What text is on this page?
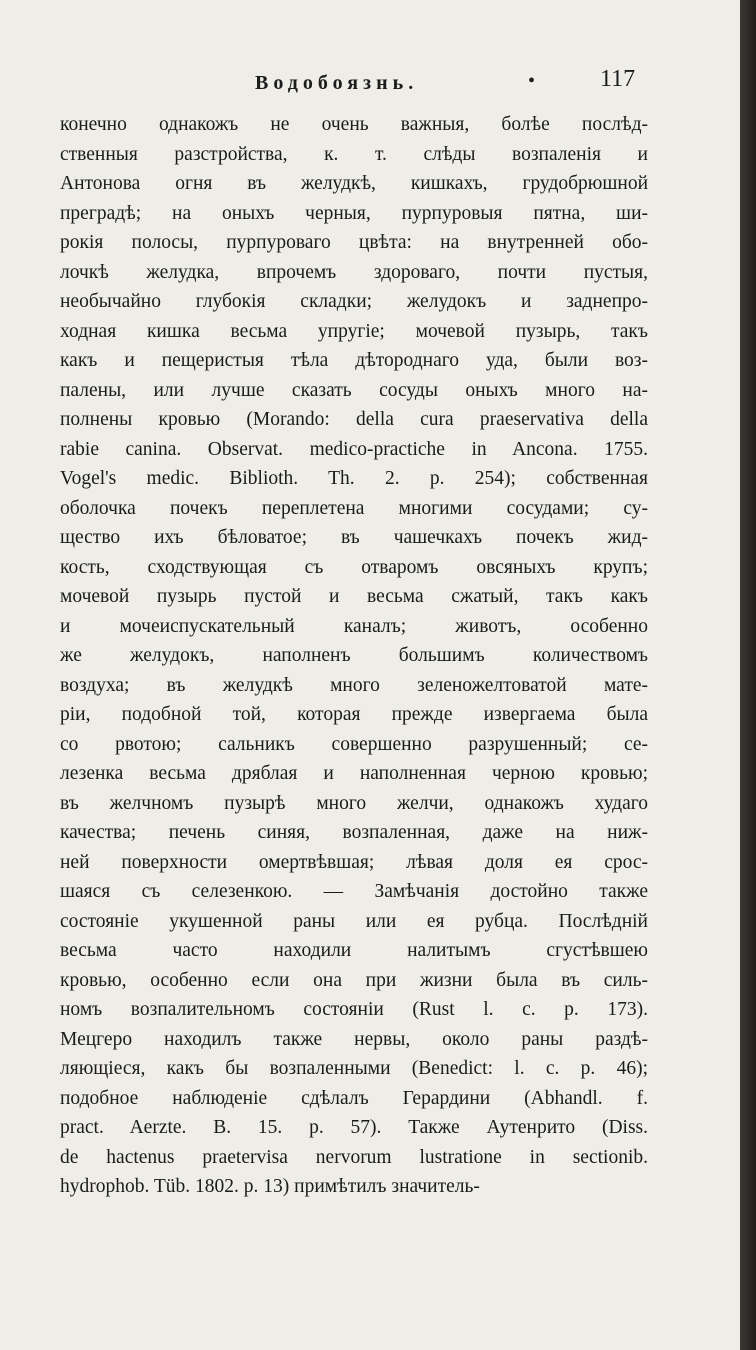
Водобоязнь.	•	117
конечно однакожъ не очень важныя, болѣе послѣд-
ственныя разстройства, к. т. слѣды возпаленія и
Антонова огня въ желудкѣ, кишкахъ, грудобрюшной
преградѣ; на оныхъ черныя, пурпуровыя пятна, ши-
рокія полосы, пурпуроваго цвѣта: на внутренней обо-
лочкѣ желудка, впрочемъ здороваго, почти пустыя,
необычайно глубокія складки; желудокъ и заднепро-
ходная кишка весьма упругіе; мочевой пузырь, такъ
какъ и пещеристыя тѣла дѣтороднаго уда, были воз-
палены, или лучше сказать сосуды оныхъ много на-
полнены кровью (Morando: della cura praeservativa della
rabie canina. Observat. medico-practiche in Ancona. 1755.
Vogel's medic. Biblioth. Th. 2. p. 254); собственная
оболочка почекъ переплетена многими сосудами; су-
щество ихъ бѣловатое; въ чашечкахъ почекъ жид-
кость, сходствующая съ отваромъ овсяныхъ крупъ;
мочевой пузырь пустой и весьма сжатый, такъ какъ
и мочеиспускательный каналъ; животъ, особенно
же желудокъ, наполненъ большимъ количествомъ
воздуха; въ желудкѣ много зеленожелтоватой мате-
ріи, подобной той, которая прежде извергаема была
со рвотою; сальникъ совершенно разрушенный; се-
лезенка весьма дряблая и наполненная черною кровью;
въ желчномъ пузырѣ много желчи, однакожъ худаго
качества; печень синяя, возпаленная, даже на ниж-
ней поверхности омертвѣвшая; лѣвая доля ея срос-
шаяся съ селезенкою. — Замѣчанія достойно также
состояніе укушенной раны или ея рубца. Послѣдній
весьма часто находили налитымъ сгустѣвшею
кровью, особенно если она при жизни была въ силь-
номъ возпалительномъ состояніи (Rust l. c. p. 173).
Мецгеро находилъ также нервы, около раны раздѣ-
ляющіеся, какъ бы возпаленными (Benedict: l. c. p. 46);
подобное наблюденіе сдѣлалъ Герардини (Abhandl. f.
pract. Aerzte. B. 15. p. 57). Также Аутенрито (Diss.
de hactenus praetervisa nervorum lustratione in sectionib.
hydrophob. Tüb. 1802. p. 13) примѣтилъ значитель-
